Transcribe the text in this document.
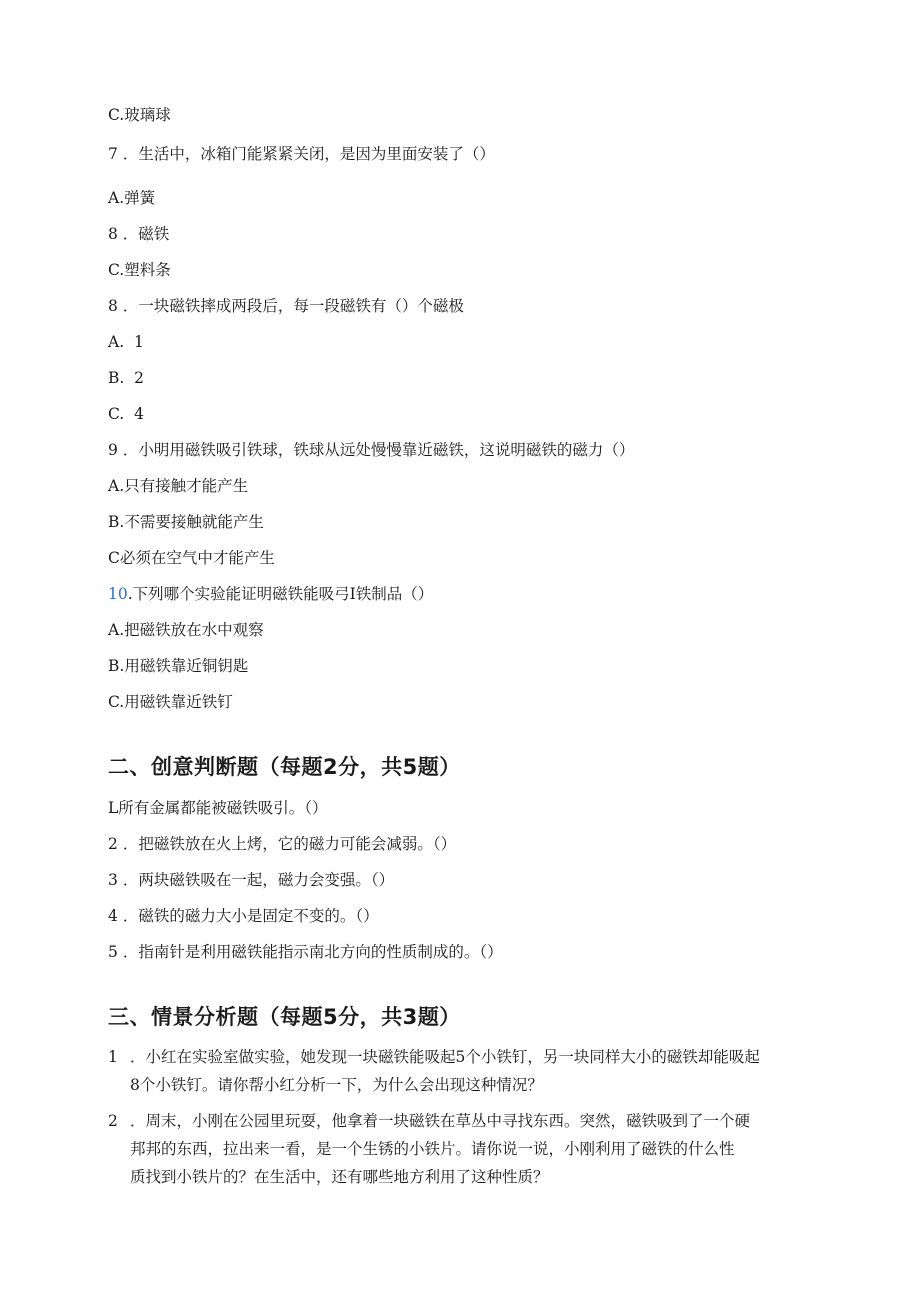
C.玻璃球
7 ．生活中，冰箱门能紧紧关闭，是因为里面安装了（）
A.弹簧
8 ．磁铁
C.塑料条
8 ．一块磁铁摔成两段后，每一段磁铁有（）个磁极
A.  1
B.  2
C.  4
9 ．小明用磁铁吸引铁球，铁球从远处慢慢靠近磁铁，这说明磁铁的磁力（）
A.只有接触才能产生
B.不需要接触就能产生
C必须在空气中才能产生
10.下列哪个实验能证明磁铁能吸弓I铁制品（）
A.把磁铁放在水中观察
B.用磁铁靠近铜钥匙
C.用磁铁靠近铁钉
二、创意判断题（每题2分，共5题）
L所有金属都能被磁铁吸引。（）
2 ．把磁铁放在火上烤，它的磁力可能会减弱。（）
3 ．两块磁铁吸在一起，磁力会变强。（）
4 ．磁铁的磁力大小是固定不变的。（）
5 ．指南针是利用磁铁能指示南北方向的性质制成的。（）
三、情景分析题（每题5分，共3题）
1 ．小红在实验室做实验，她发现一块磁铁能吸起5个小铁钉，另一块同样大小的磁铁却能吸起
8个小铁钉。请你帮小红分析一下，为什么会出现这种情况？
2 ．周末，小刚在公园里玩耍，他拿着一块磁铁在草丛中寻找东西。突然，磁铁吸到了一个硬
邦邦的东西，拉出来一看，是一个生锈的小铁片。请你说一说，小刚利用了磁铁的什么性
质找到小铁片的？在生活中，还有哪些地方利用了这种性质？
